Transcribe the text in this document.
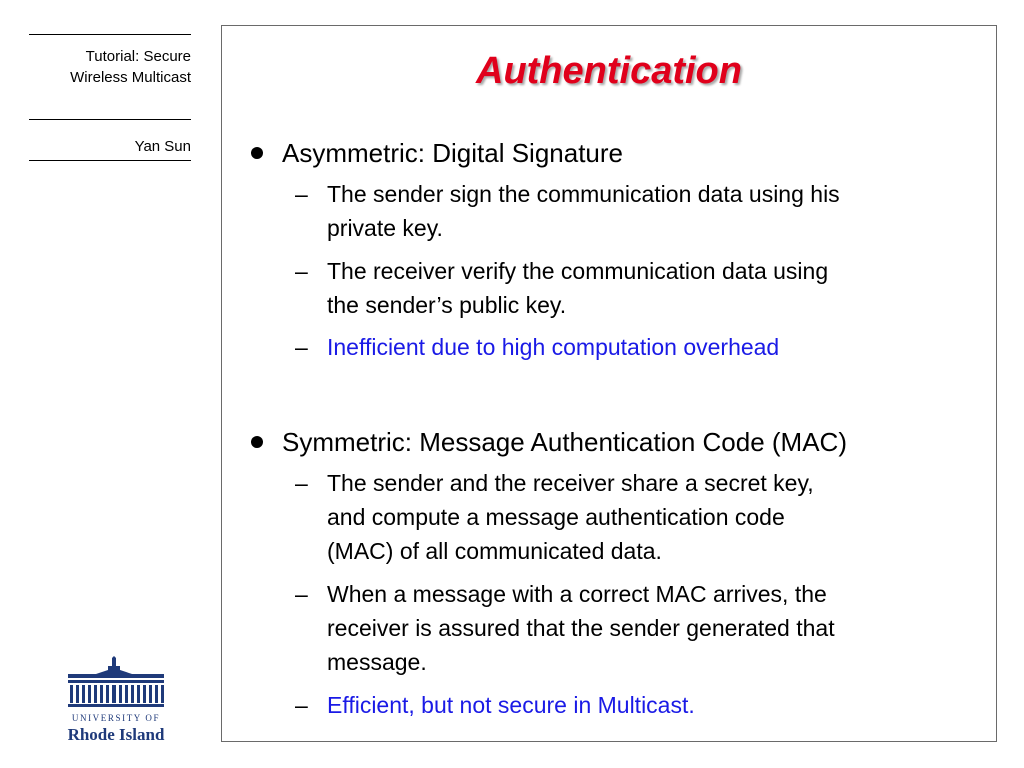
Tutorial: Secure
Wireless Multicast
Yan Sun
UNIVERSITY OF
Rhode Island
Authentication
Asymmetric: Digital Signature
– The sender sign the communication data using his
private key.
– The receiver verify the communication data using
the sender’s public key.
– Inefficient due to high computation overhead
Symmetric: Message Authentication Code (MAC)
– The sender and the receiver share a secret key,
and compute a message authentication code
(MAC) of all communicated data.
– When a message with a correct MAC arrives, the
receiver is assured that the sender generated that
message.
– Efficient, but not secure in Multicast.
